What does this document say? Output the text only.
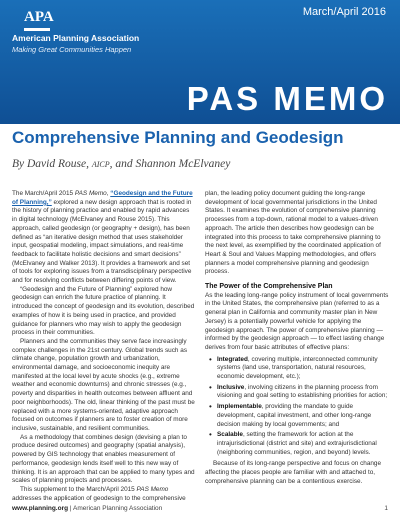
APA
American Planning Association
Making Great Communities Happen
March/April 2016
PAS MEMO
Comprehensive Planning and Geodesign
By David Rouse, AICP, and Shannon McElvaney

The March/April 2015 PAS Memo, “Geodesign and the Future of Planning,” explored a new design approach that is rooted in the history of planning practice and enabled by rapid advances in digital technology (McElvaney and Rouse 2015). This approach, called geodesign (or geography + design), has been defined as “an iterative design method that uses stakeholder input, geospatial modeling, impact simulations, and real-time feedback to facilitate holistic decisions and smart decisions” (McElvaney and Walker 2013). It provides a framework and set of tools for exploring issues from a transdisciplinary perspective and for resolving conflicts between differing points of view.

“Geodesign and the Future of Planning” explored how geodesign can enrich the future practice of planning. It introduced the concept of geodesign and its evolution, described examples of how it is being used in practice, and provided guidance for planners who may wish to apply the geodesign process in their communities.

Planners and the communities they serve face increasingly complex challenges in the 21st century. Global trends such as climate change, population growth and urbanization, environmental damage, and socioeconomic inequity are manifested at the local level by acute shocks (e.g., extreme weather and economic downturns) and chronic stresses (e.g., poverty and disparities in health outcomes between affluent and poor neighborhoods). The old, linear thinking of the past must be replaced with a more systems-oriented, adaptive approach focused on outcomes if planners are to foster creation of more inclusive, sustainable, and resilient communities.

As a methodology that combines design (devising a plan to produce desired outcomes) and geography (spatial analysis), powered by GIS technology that enables measurement of performance, geodesign lends itself well to this new way of thinking. It is an approach that can be applied to many types and scales of planning projects and processes.

This supplement to the March/April 2015 PAS Memo addresses the application of geodesign to the comprehensive

plan, the leading policy document guiding the long-range development of local governmental jurisdictions in the United States. It examines the evolution of comprehensive planning processes from a top-down, rational model to a values-driven approach. The article then describes how geodesign can be integrated into this process to take comprehensive planning to the next level, as exemplified by the coordinated application of Heart & Soul and Values Mapping methodologies, and offers planners a model comprehensive planning and geodesign process.

The Power of the Comprehensive Plan

As the leading long-range policy instrument of local governments in the United States, the comprehensive plan (referred to as a general plan in California and community master plan in New Jersey) is a potentially powerful vehicle for applying the geodesign approach. The power of comprehensive planning — informed by the geodesign approach — to effect lasting change derives from four basic attributes of effective plans:

• Integrated, covering multiple, interconnected community systems (land use, transportation, natural resources, economic development, etc.);
• Inclusive, involving citizens in the planning process from visioning and goal setting to establishing priorities for action;
• Implementable, providing the mandate to guide development, capital investment, and other long-range decision making by local governments; and
• Scalable, setting the framework for action at the intrajurisdictional (district and site) and extrajurisdictional (neighboring communities, region, and beyond) levels.

Because of its long-range perspective and focus on change affecting the places people are familiar with and attached to, comprehensive planning can be a contentious exercise.

www.planning.org | American Planning Association	1
